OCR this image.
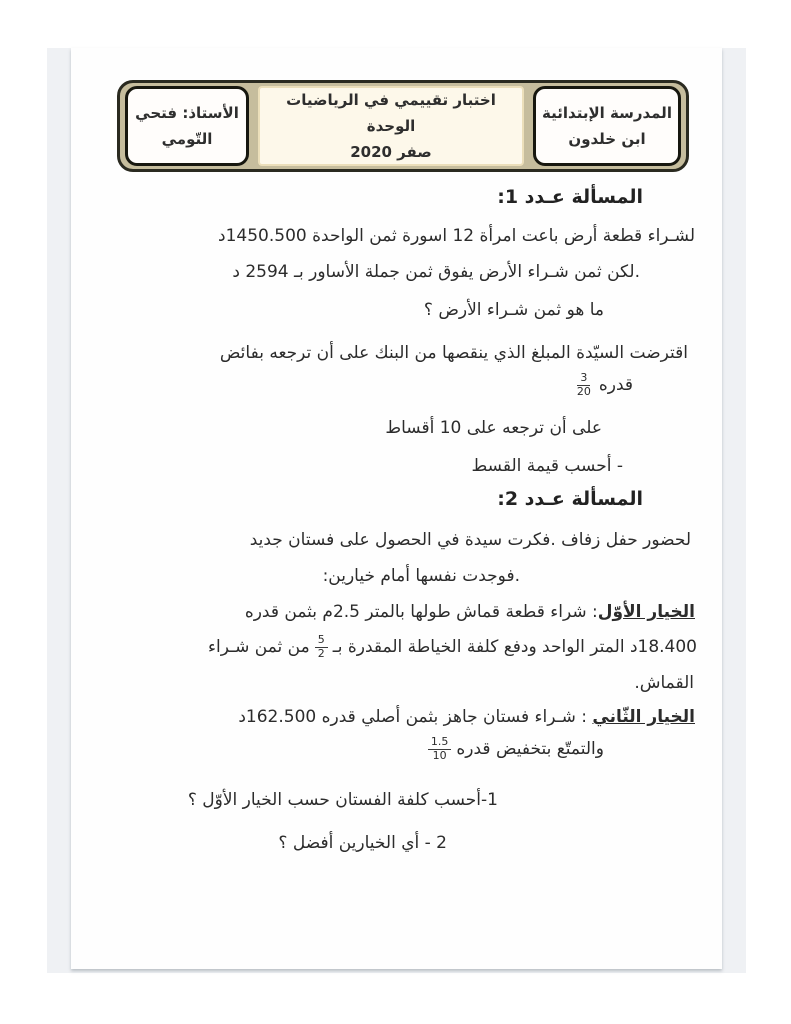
المدرسة الإبتدائية
ابن خلدون
اختبار تقييمي في الرياضيات الوحدة
صفر 2020
الأستاذ: فتحي
التّومي
المسألة عـدد 1:
لشـراء قطعة أرض باعت امرأة 12 اسورة ثمن الواحدة 1450.500د
.لكن ثمن شـراء الأرض يفوق ثمن جملة الأساور بـ 2594 د
ما هو ثمن شـراء الأرض ؟
اقترضت السيّدة المبلغ الذي ينقصها من البنك على أن ترجعه بفائض
قدره
$\frac{3}{20}$
على أن ترجعه على 10 أقساط
- أحسب قيمة القسط
المسألة عـدد 2:
لحضور حفل زفاف .فكرت سيدة في الحصول على فستان جديد
.فوجدت نفسها أمام خيارين:
الخيار الأوّل: شراء قطعة قماش طولها بالمتر 2.5م بثمن قدره
18.400د المتر الواحد ودفع كلفة الخياطة المقدرة بـ
$\frac{5}{2}$
من ثمن شـراء
القماش.
الخيار الثّاني : شـراء فستان جاهز بثمن أصلي قدره 162.500د
والتمتّع بتخفيض قدره
$\frac{1.5}{10}$
1-أحسب كلفة الفستان حسب الخيار الأوّل ؟
2 - أي الخيارين أفضل ؟
